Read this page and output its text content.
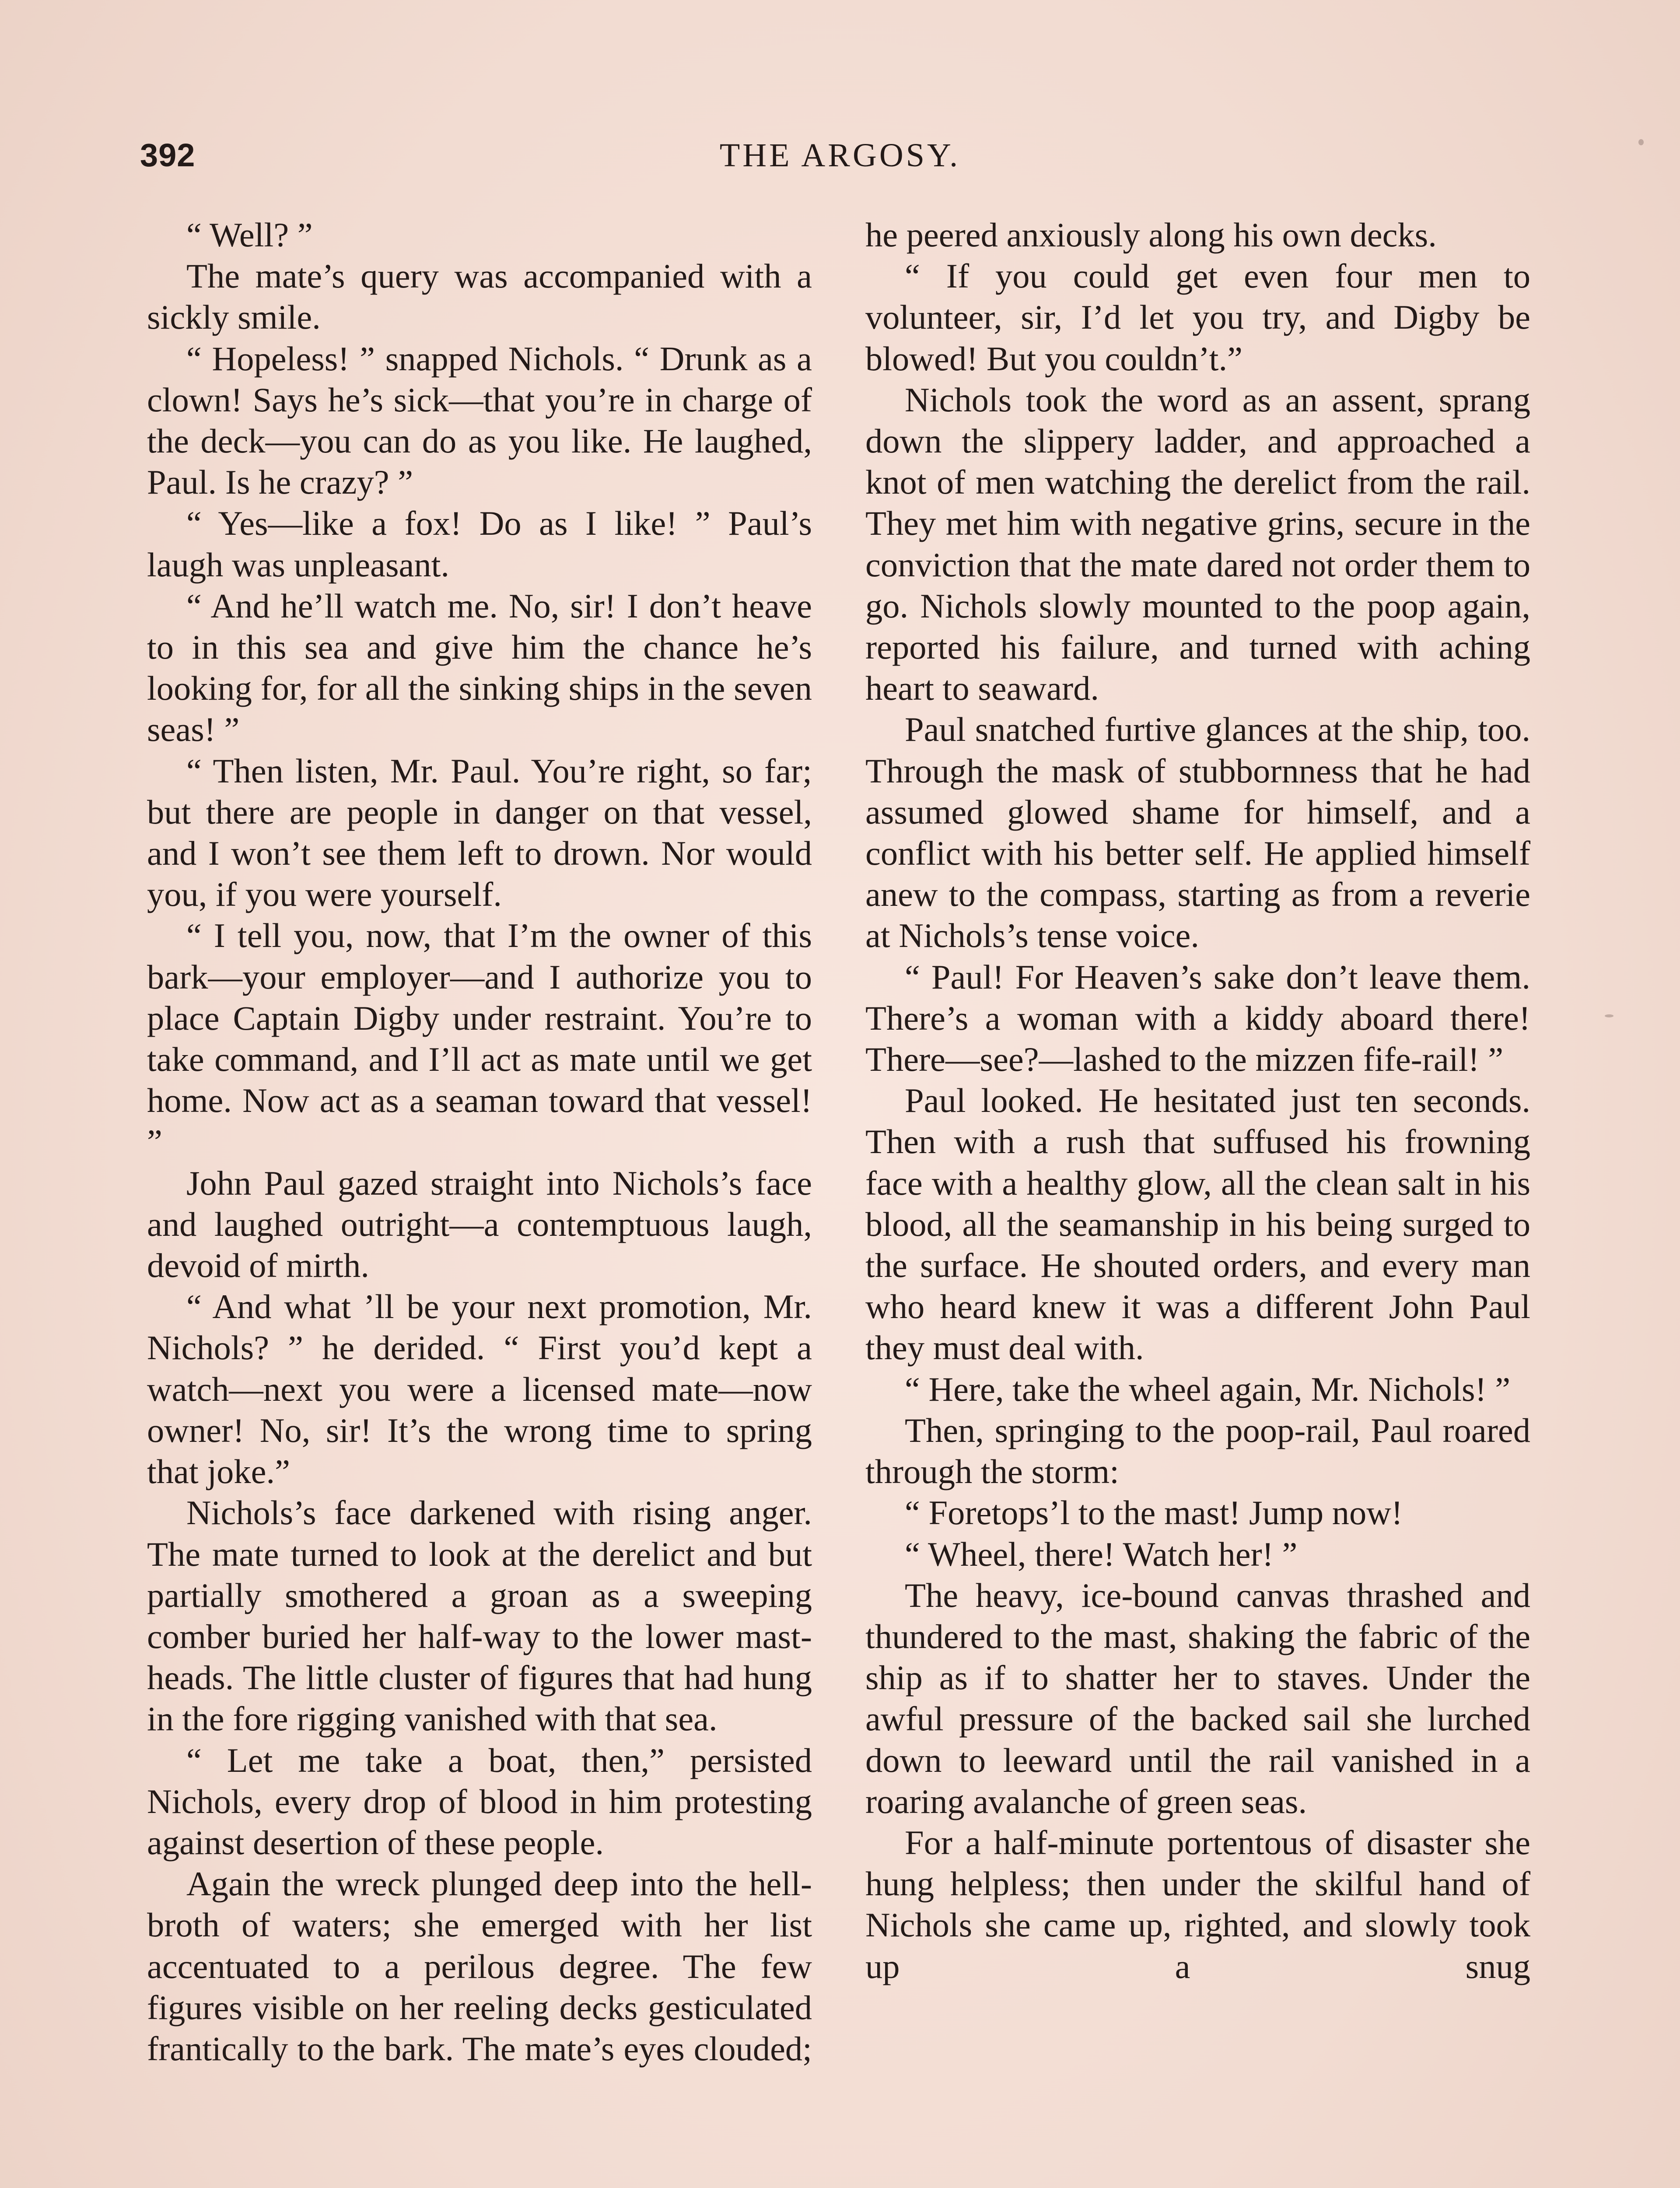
392	THE ARGOSY.

“ Well? ”

The mate’s query was accompanied with a sickly smile.

“ Hopeless! ” snapped Nichols. “ Drunk as a clown! Says he’s sick—that you’re in charge of the deck—you can do as you like. He laughed, Paul. Is he crazy? ”

“ Yes—like a fox! Do as I like! ” Paul’s laugh was unpleasant.

“ And he’ll watch me. No, sir! I don’t heave to in this sea and give him the chance he’s looking for, for all the sinking ships in the seven seas! ”

“ Then listen, Mr. Paul. You’re right, so far; but there are people in danger on that vessel, and I won’t see them left to drown. Nor would you, if you were yourself.

“ I tell you, now, that I’m the owner of this bark—your employer—and I authorize you to place Captain Digby under restraint. You’re to take command, and I’ll act as mate until we get home. Now act as a seaman toward that vessel! ”

John Paul gazed straight into Nichols’s face and laughed outright—a contemptuous laugh, devoid of mirth.

“ And what ’ll be your next promotion, Mr. Nichols? ” he derided. “ First you’d kept a watch—next you were a licensed mate—now owner! No, sir! It’s the wrong time to spring that joke.”

Nichols’s face darkened with rising anger. The mate turned to look at the derelict and but partially smothered a groan as a sweeping comber buried her half-way to the lower mast-heads. The little cluster of figures that had hung in the fore rigging vanished with that sea.

“ Let me take a boat, then,” persisted Nichols, every drop of blood in him protesting against desertion of these people.

Again the wreck plunged deep into the hell-broth of waters; she emerged with her list accentuated to a perilous degree. The few figures visible on her reeling decks gesticulated frantically to the bark. The mate’s eyes clouded;

he peered anxiously along his own decks.

“ If you could get even four men to volunteer, sir, I’d let you try, and Digby be blowed! But you couldn’t.”

Nichols took the word as an assent, sprang down the slippery ladder, and approached a knot of men watching the derelict from the rail. They met him with negative grins, secure in the conviction that the mate dared not order them to go. Nichols slowly mounted to the poop again, reported his failure, and turned with aching heart to seaward.

Paul snatched furtive glances at the ship, too. Through the mask of stubbornness that he had assumed glowed shame for himself, and a conflict with his better self. He applied himself anew to the compass, starting as from a reverie at Nichols’s tense voice.

“ Paul! For Heaven’s sake don’t leave them. There’s a woman with a kiddy aboard there! There—see?—lashed to the mizzen fife-rail! ”

Paul looked. He hesitated just ten seconds. Then with a rush that suffused his frowning face with a healthy glow, all the clean salt in his blood, all the seamanship in his being surged to the surface. He shouted orders, and every man who heard knew it was a different John Paul they must deal with.

“ Here, take the wheel again, Mr. Nichols! ”

Then, springing to the poop-rail, Paul roared through the storm:

“ Foretops’l to the mast! Jump now!

“ Wheel, there! Watch her! ”

The heavy, ice-bound canvas thrashed and thundered to the mast, shaking the fabric of the ship as if to shatter her to staves. Under the awful pressure of the backed sail she lurched down to leeward until the rail vanished in a roaring avalanche of green seas.

For a half-minute portentous of disaster she hung helpless; then under the skilful hand of Nichols she came up, righted, and slowly took up a snug
